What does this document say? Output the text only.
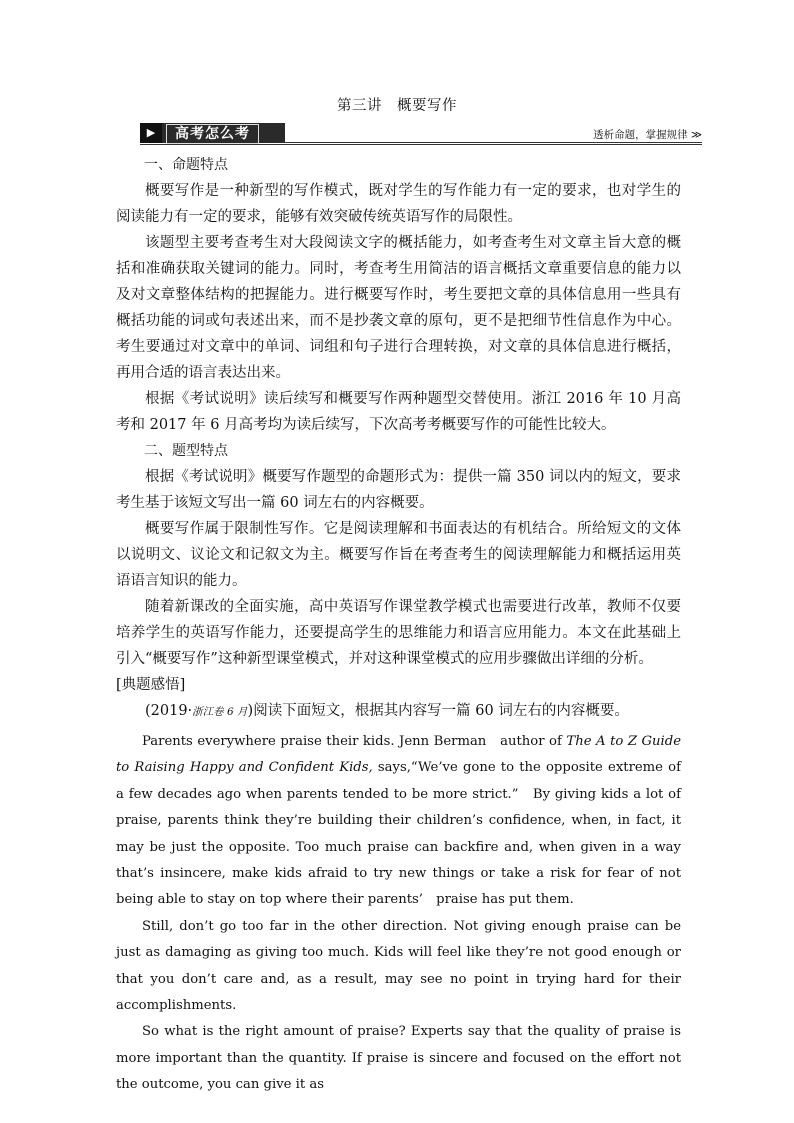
第三讲　概要写作
▶	高考怎么考	透析命题，掌握规律 ≫

一、命题特点

概要写作是一种新型的写作模式，既对学生的写作能力有一定的要求，也对学生的阅读能力有一定的要求，能够有效突破传统英语写作的局限性。

该题型主要考查考生对大段阅读文字的概括能力，如考查考生对文章主旨大意的概括和准确获取关键词的能力。同时，考查考生用简洁的语言概括文章重要信息的能力以及对文章整体结构的把握能力。进行概要写作时，考生要把文章的具体信息用一些具有概括功能的词或句表述出来，而不是抄袭文章的原句，更不是把细节性信息作为中心。考生要通过对文章中的单词、词组和句子进行合理转换，对文章的具体信息进行概括，再用合适的语言表达出来。

根据《考试说明》读后续写和概要写作两种题型交替使用。浙江 2016 年 10 月高考和 2017 年 6 月高考均为读后续写，下次高考考概要写作的可能性比较大。

二、题型特点

根据《考试说明》概要写作题型的命题形式为：提供一篇 350 词以内的短文，要求考生基于该短文写出一篇 60 词左右的内容概要。

概要写作属于限制性写作。它是阅读理解和书面表达的有机结合。所给短文的文体以说明文、议论文和记叙文为主。概要写作旨在考查考生的阅读理解能力和概括运用英语语言知识的能力。

随着新课改的全面实施，高中英语写作课堂教学模式也需要进行改革，教师不仅要培养学生的英语写作能力，还要提高学生的思维能力和语言应用能力。本文在此基础上引入“概要写作”这种新型课堂模式，并对这种课堂模式的应用步骤做出详细的分析。

[典题感悟]

(2019·浙江卷 6 月)阅读下面短文，根据其内容写一篇 60 词左右的内容概要。

Parents everywhere praise their kids. Jenn Berman　author of The A to Z Guide to Raising Happy and Confident Kids, says,“We’ve gone to the opposite extreme of a few decades ago when parents tended to be more strict.”　By giving kids a lot of praise, parents think they’re building their children’s confidence, when, in fact, it may be just the opposite. Too much praise can backfire and, when given in a way that’s insincere, make kids afraid to try new things or take a risk for fear of not being able to stay on top where their parents’　praise has put them.

Still, don’t go too far in the other direction. Not giving enough praise can be just as damaging as giving too much. Kids will feel like they’re not good enough or that you don’t care and, as a result, may see no point in trying hard for their accomplishments.

So what is the right amount of praise? Experts say that the quality of praise is more important than the quantity. If praise is sincere and focused on the effort not the outcome, you can give it as
